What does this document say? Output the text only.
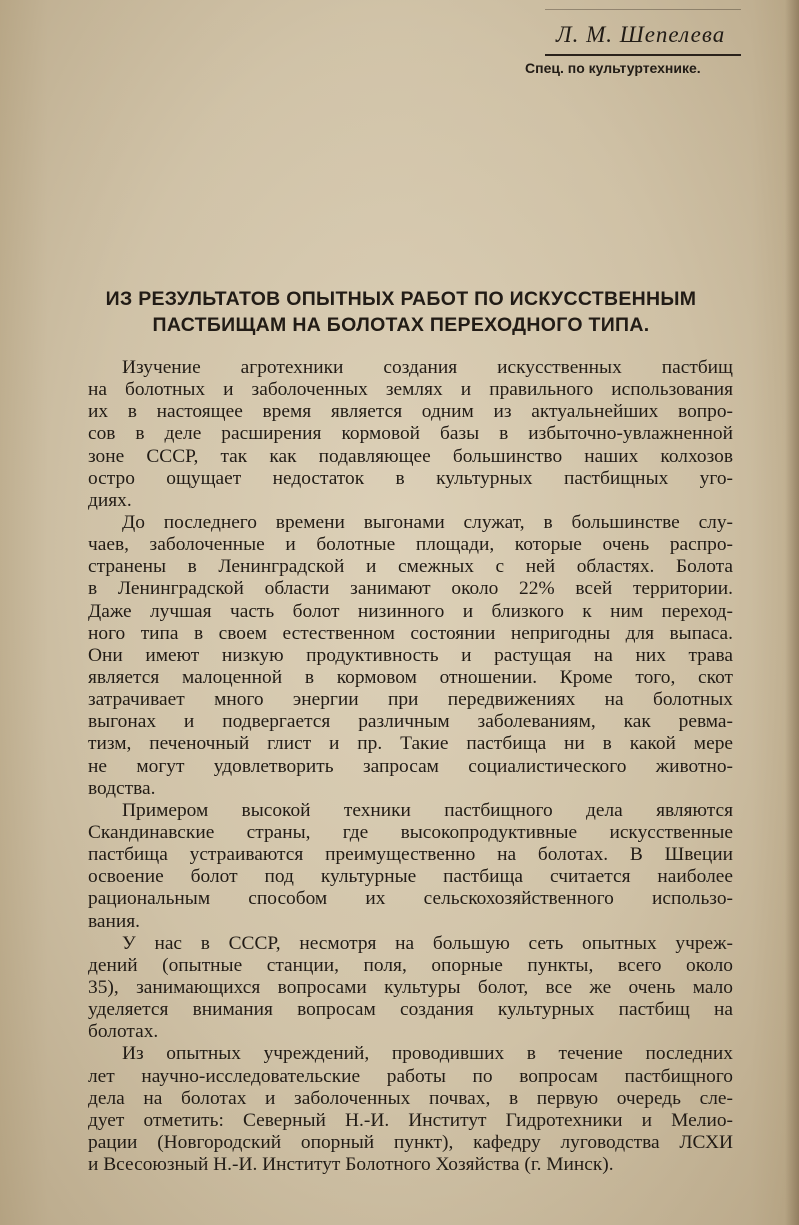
Л. М. Шепелева
Спец. по культуртехнике.
ИЗ РЕЗУЛЬТАТОВ ОПЫТНЫХ РАБОТ ПО ИСКУССТВЕННЫМ
ПАСТБИЩАМ НА БОЛОТАХ ПЕРЕХОДНОГО ТИПА.
Изучение агротехники создания искусственных пастбищ
на болотных и заболоченных землях и правильного использования
их в настоящее время является одним из актуальнейших вопро-
сов в деле расширения кормовой базы в избыточно-увлажненной
зоне СССР, так как подавляющее большинство наших колхозов
остро ощущает недостаток в культурных пастбищных уго-
диях.
До последнего времени выгонами служат, в большинстве слу-
чаев, заболоченные и болотные площади, которые очень распро-
странены в Ленинградской и смежных с ней областях. Болота
в Ленинградской области занимают около 22% всей территории.
Даже лучшая часть болот низинного и близкого к ним переход-
ного типа в своем естественном состоянии непригодны для выпаса.
Они имеют низкую продуктивность и растущая на них трава
является малоценной в кормовом отношении. Кроме того, скот
затрачивает много энергии при передвижениях на болотных
выгонах и подвергается различным заболеваниям, как ревма-
тизм, печеночный глист и пр. Такие пастбища ни в какой мере
не могут удовлетворить запросам социалистического животно-
водства.
Примером высокой техники пастбищного дела являются
Скандинавские страны, где высокопродуктивные искусственные
пастбища устраиваются преимущественно на болотах. В Швеции
освоение болот под культурные пастбища считается наиболее
рациональным способом их сельскохозяйственного использо-
вания.
У нас в СССР, несмотря на большую сеть опытных учреж-
дений (опытные станции, поля, опорные пункты, всего около
35), занимающихся вопросами культуры болот, все же очень мало
уделяется внимания вопросам создания культурных пастбищ на
болотах.
Из опытных учреждений, проводивших в течение последних
лет научно-исследовательские работы по вопросам пастбищного
дела на болотах и заболоченных почвах, в первую очередь сле-
дует отметить: Северный Н.-И. Институт Гидротехники и Мелио-
рации (Новгородский опорный пункт), кафедру луговодства ЛСХИ
и Всесоюзный Н.-И. Институт Болотного Хозяйства (г. Минск).
